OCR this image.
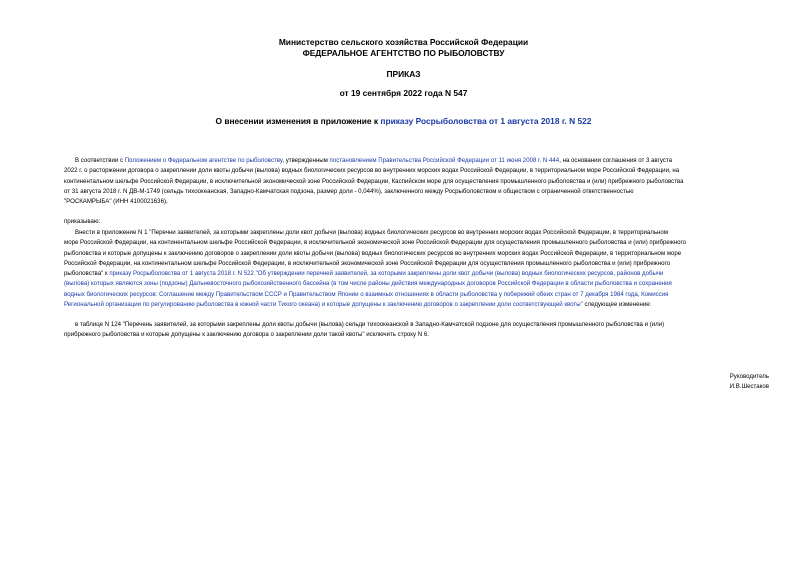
Министерство сельского хозяйства Российской Федерации
ФЕДЕРАЛЬНОЕ АГЕНТСТВО ПО РЫБОЛОВСТВУ
ПРИКАЗ
от 19 сентября 2022 года N 547
О внесении изменения в приложение к приказу Росрыболовства от 1 августа 2018 г. N 522
В соответствии с Положением о Федеральном агентстве по рыболовству, утвержденным постановлением Правительства Российской Федерации от 11 июня 2008 г. N 444, на основании соглашения от 3 августа
2022 г. о расторжении договора о закреплении доли квоты добычи (вылова) водных биологических ресурсов во внутренних морских водах Российской Федерации, в территориальном море Российской Федерации, на
континентальном шельфе Российской Федерации, в исключительной экономической зоне Российской Федерации, Каспийском море для осуществления промышленного рыболовства и (или) прибрежного рыболовства
от 31 августа 2018 г. N ДВ-М-1749 (сельдь тихоокеанская, Западно-Камчатская подзона, размер доли - 0,044%), заключенного между Росрыболовством и обществом с ограниченной ответственностью
"РОСКАМРЫБА" (ИНН 4100021636),
приказываю:
Внести в приложение N 1 "Перечни заявителей, за которыми закреплены доли квот добычи (вылова) водных биологических ресурсов во внутренних морских водах Российской Федерации, в территориальном
море Российской Федерации, на континентальном шельфе Российской Федерации, в исключительной экономической зоне Российской Федерации для осуществления промышленного рыболовства и (или) прибрежного
рыболовства и которые допущены к заключению договоров о закреплении доли квоты добычи (вылова) водных биологических ресурсов во внутренних морских водах Российской Федерации, в территориальном море
Российской Федерации, на континентальном шельфе Российской Федерации, в исключительной экономической зоне Российской Федерации для осуществления промышленного рыболовства и (или) прибрежного
рыболовства" к приказу Росрыболовства от 1 августа 2018 г. N 522 "Об утверждении перечней заявителей, за которыми закреплены доли квот добычи (вылова) водных биологических ресурсов, районов добычи
(вылова) которых являются зоны (подзоны) Дальневосточного рыбохозяйственного бассейна (в том числе районы действия международных договоров Российской Федерации в области рыболовства и сохранения
водных биологических ресурсов: Соглашение между Правительством СССР и Правительством Японии о взаимных отношениях в области рыболовства у побережий обеих стран от 7 декабря 1984 года, Комиссия
Региональной организации по регулированию рыболовства в южной части Тихого океана) и которые допущены к заключению договоров о закреплении доли соответствующей квоты" следующее изменение:
в таблице N 124 "Перечень заявителей, за которыми закреплены доли квоты добычи (вылова) сельди тихоокеанской в Западно-Камчатской подзоне для осуществления промышленного рыболовства и (или)
прибрежного рыболовства и которые допущены к заключению договора о закреплении доли такой квоты" исключить строку N 6.
Руководитель
И.В.Шестаков
